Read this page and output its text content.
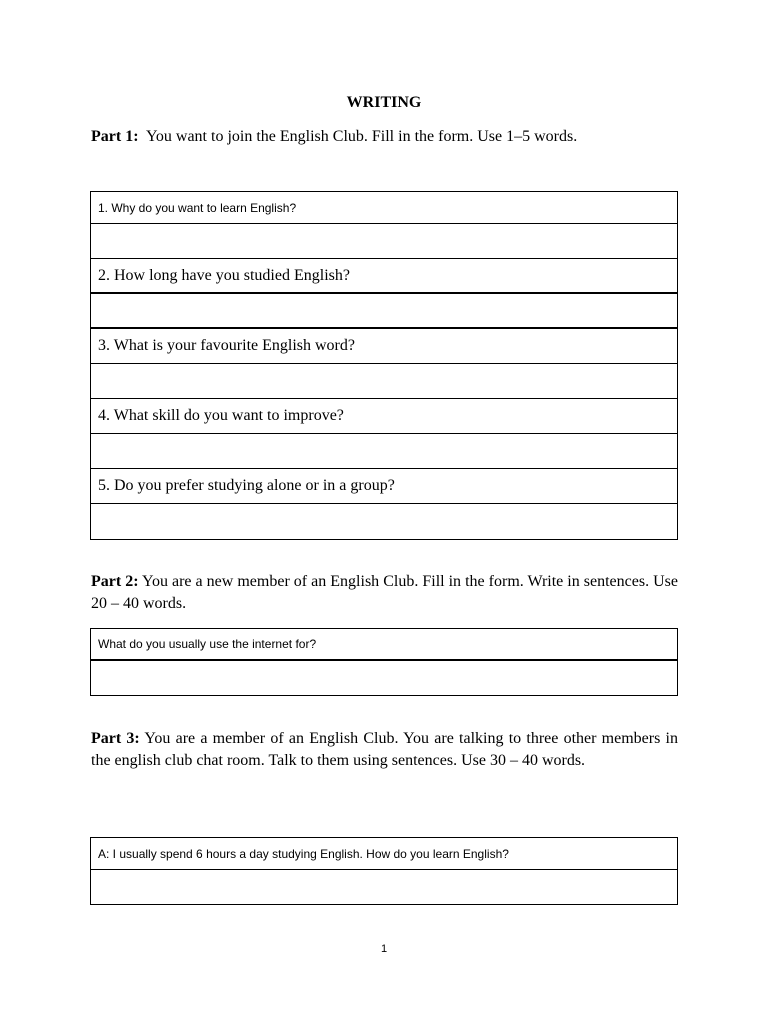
WRITING
Part 1: You want to join the English Club. Fill in the form. Use 1–5 words.
1. Why do you want to learn English?
2. How long have you studied English?
3. What is your favourite English word?
4. What skill do you want to improve?
5. Do you prefer studying alone or in a group?
Part 2: You are a new member of an English Club. Fill in the form. Write in sentences. Use 20 – 40 words.
What do you usually use the internet for?
Part 3: You are a member of an English Club. You are talking to three other members in the english club chat room. Talk to them using sentences. Use 30 – 40 words.
A: I usually spend 6 hours a day studying English. How do you learn English?
1
